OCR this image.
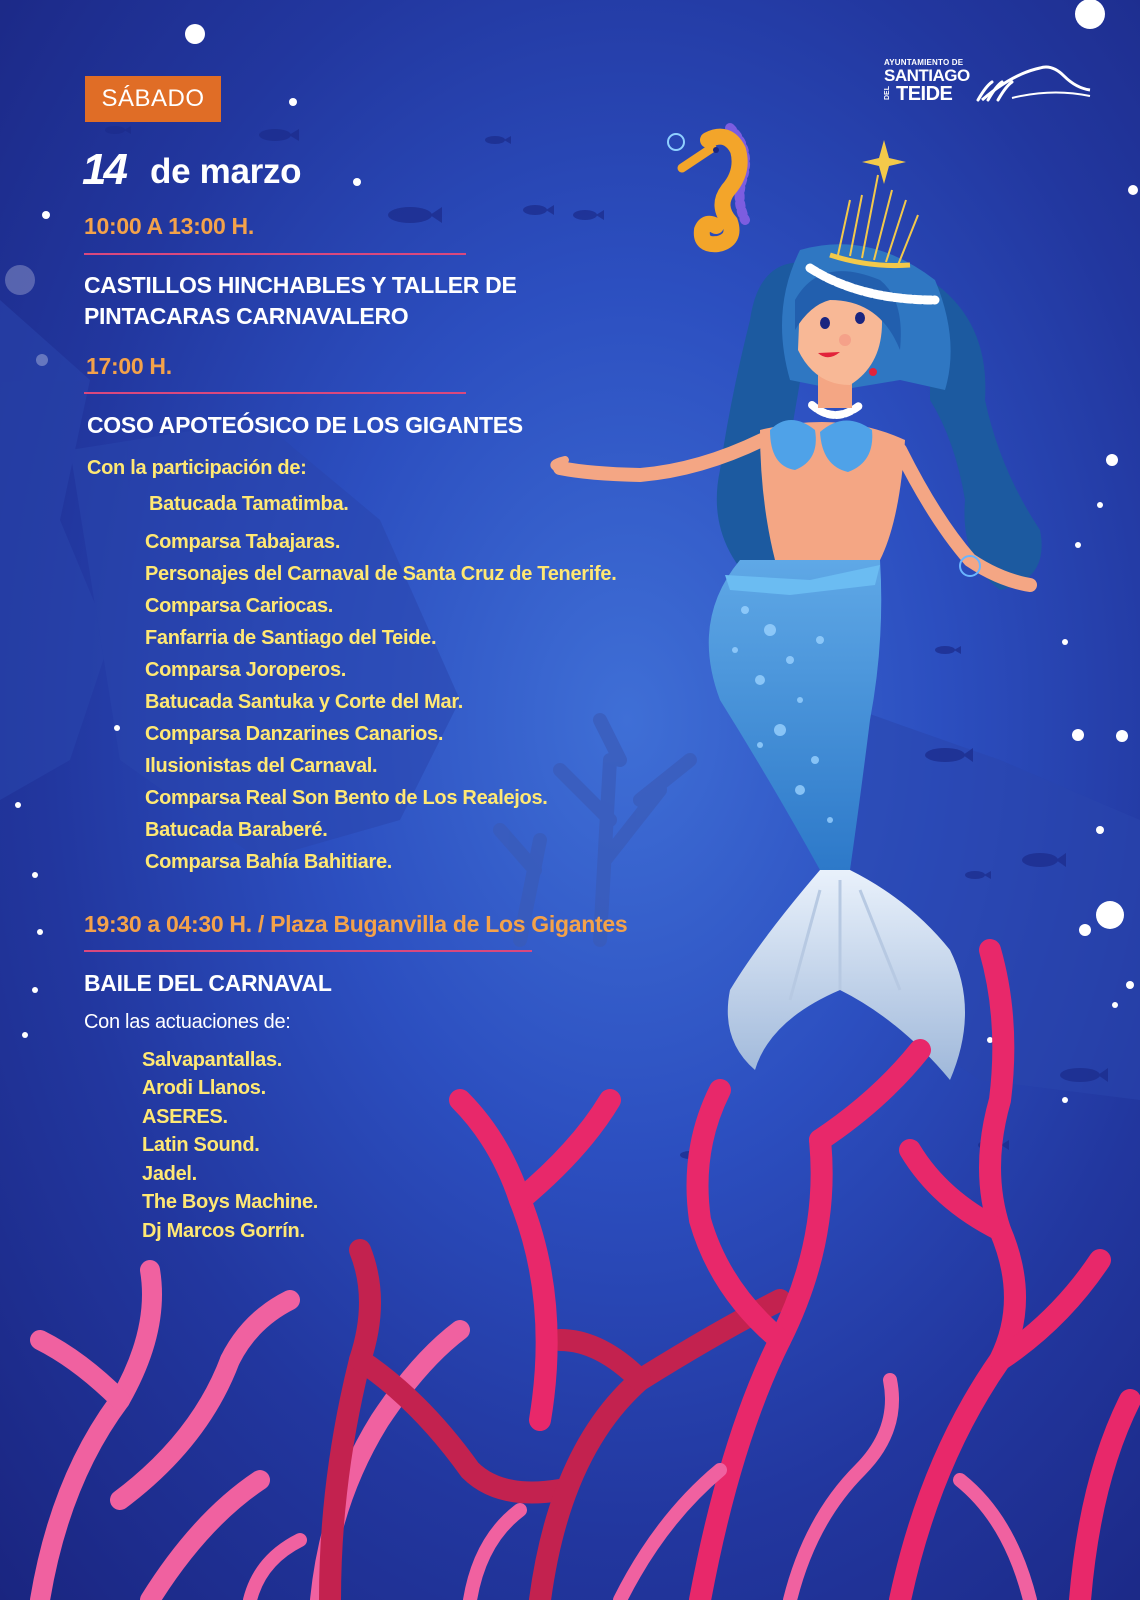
AYUNTAMIENTO DE
SANTIAGO
DEL TEIDE
SÁBADO
14 de marzo
10:00 A 13:00 H.
CASTILLOS HINCHABLES Y TALLER DE
PINTACARAS CARNAVALERO
17:00 H.
COSO APOTEÓSICO DE LOS GIGANTES
Con la participación de:
Batucada Tamatimba.
Comparsa Tabajaras.
Personajes del Carnaval de Santa Cruz de Tenerife.
Comparsa Cariocas.
Fanfarria de Santiago del Teide.
Comparsa Joroperos.
Batucada Santuka y Corte del Mar.
Comparsa Danzarines Canarios.
Ilusionistas del Carnaval.
Comparsa Real Son Bento de Los Realejos.
Batucada Baraberé.
Comparsa Bahía Bahitiare.
19:30 a 04:30 H. / Plaza Buganvilla de Los Gigantes
BAILE DEL CARNAVAL
Con las actuaciones de:
Salvapantallas.
Arodi Llanos.
ASERES.
Latin Sound.
Jadel.
The Boys Machine.
Dj Marcos Gorrín.
